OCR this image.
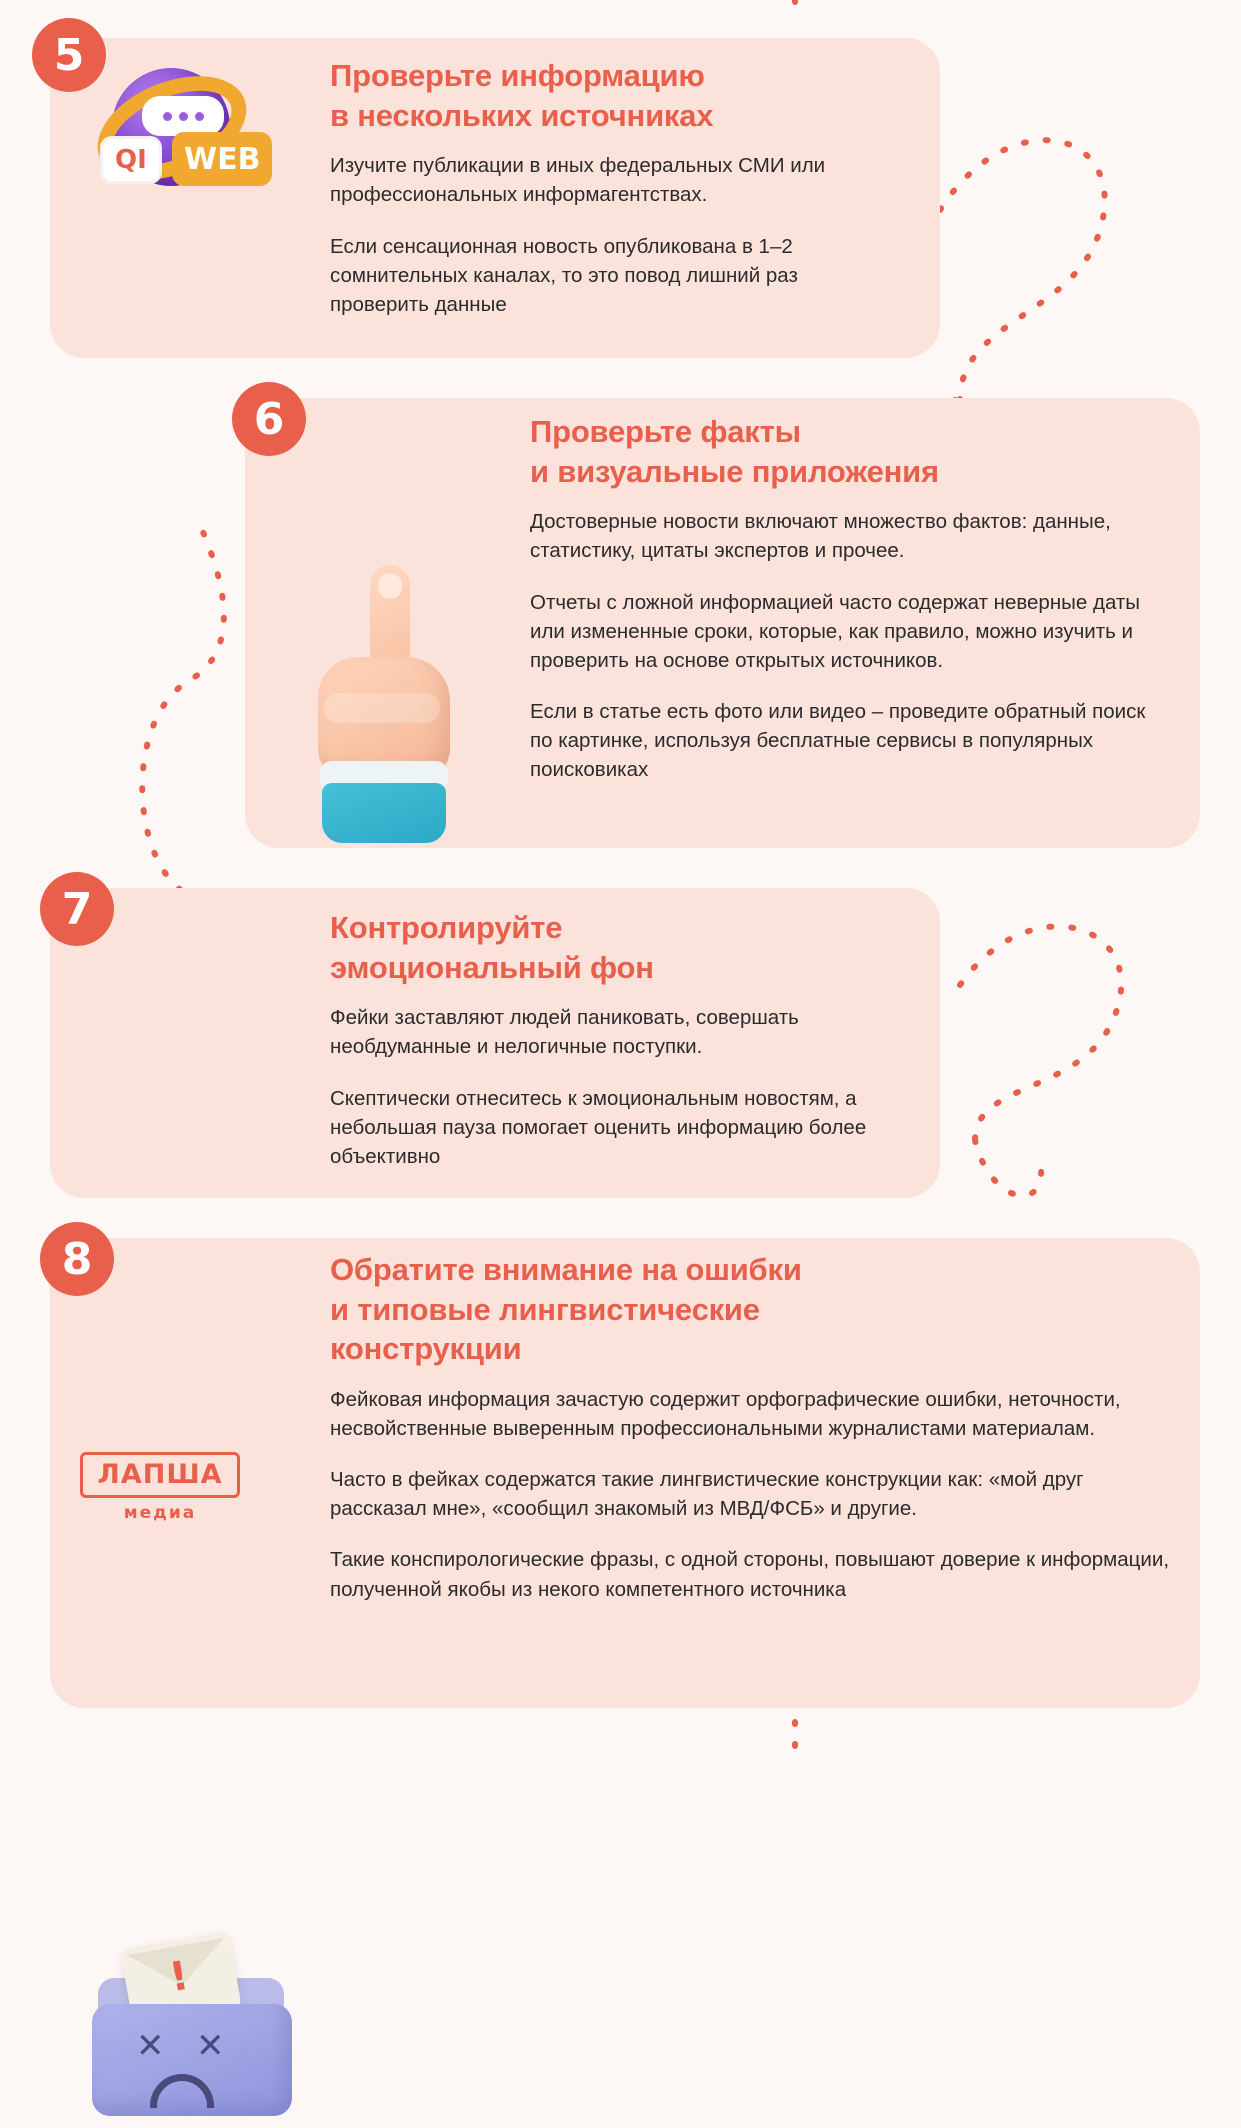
5
QI	WEB
Проверьте информацию
в нескольких источниках
Изучите публикации в иных федеральных СМИ или профессиональных информагентствах.
Если сенсационная новость опубликована в 1–2 сомнительных каналах, то это повод лишний раз проверить данные
6	Проверьте факты
и визуальные приложения
Достоверные новости включают множество фактов: данные, статистику, цитаты экспертов и прочее.
Отчеты с ложной информацией часто содержат неверные даты или измененные сроки, которые, как правило, можно изучить и проверить на основе открытых источников.
Если в статье есть фото или видео – проведите обратный поиск по картинке, используя бесплатные сервисы в популярных поисковиках
7	Контролируйте
эмоциональный фон
Фейки заставляют людей паниковать, совершать необдуманные и нелогичные поступки.
Скептически отнеситесь к эмоциональным новостям, а небольшая пауза помогает оценить информацию более объективно
8
!
✕ ✕
Обратите внимание на ошибки
и типовые лингвистические
конструкции
Фейковая информация зачастую содержит орфографические ошибки, неточности, несвойственные выверенным профессиональными журналистами материалам.
Часто в фейках содержатся такие лингвистические конструкции как: «мой друг рассказал мне», «сообщил знакомый из МВД/ФСБ» и другие.
Такие конспирологические фразы, с одной стороны, повышают доверие к информации, полученной якобы из некого компетентного источника
ЛАПША
медиа
